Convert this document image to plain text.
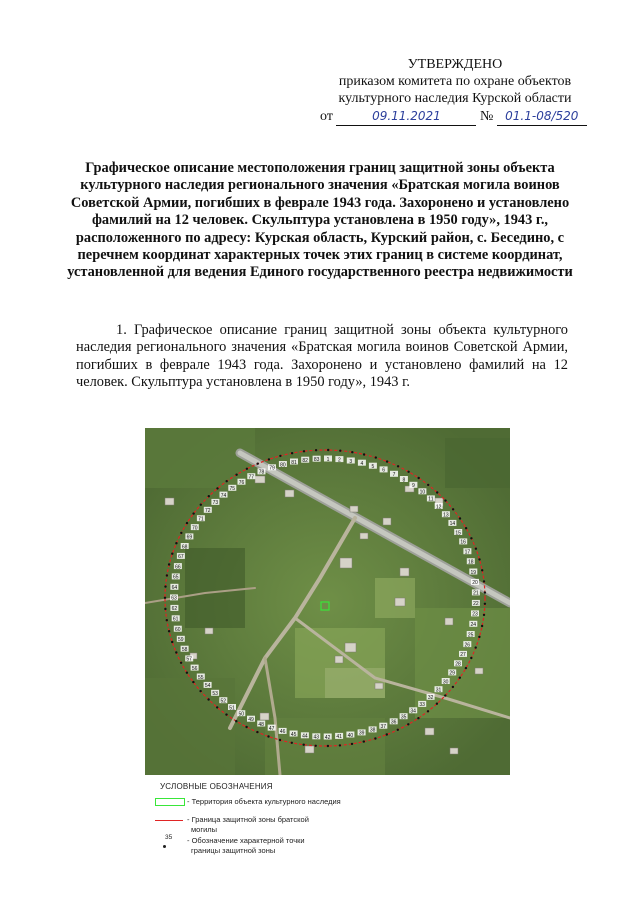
УТВЕРЖДЕНО
приказом комитета по охране объектов
культурного наследия Курской области
от	09.11.2021	№ 01.1-08/520
Графическое описание местоположения границ защитной зоны объекта культурного наследия регионального значения «Братская могила воинов Советской Армии, погибших в феврале 1943 года. Захоронено и установлено фамилий на 12 человек. Скульптура установлена в 1950 году», 1943 г., расположенного по адресу: Курская область, Курский район, с. Беседино, с перечнем координат характерных точек этих границ в системе координат, установленной для ведения Единого государственного реестра недвижимости
1. Графическое описание границ защитной зоны объекта культурного наследия регионального значения «Братская могила воинов Советской Армии, погибших в феврале 1943 года. Захоронено и установлено фамилий на 12 человек. Скульптура установлена в 1950 году», 1943 г.
1 2 3 4 5
6
7
8
9
10
11
12
13
14
15
16
17
18
19
20
21
22
23
24
25
26
27
28
29
30
31
32
33
34
35
36
37
38
39
40
41
42
43
44
45
46
47
48
49
50
51
52
53
54
55
56
57
58
59
60
61
62
63
64
65
66
67
68
69
70
71
72
73
74
75
76
77
78
79
80 81 82 83
УСЛОВНЫЕ ОБОЗНАЧЕНИЯ
- Территория объекта культурного наследия
- Граница защитной зоны братской
могилы
35 - Обозначение характерной точки
границы защитной зоны
